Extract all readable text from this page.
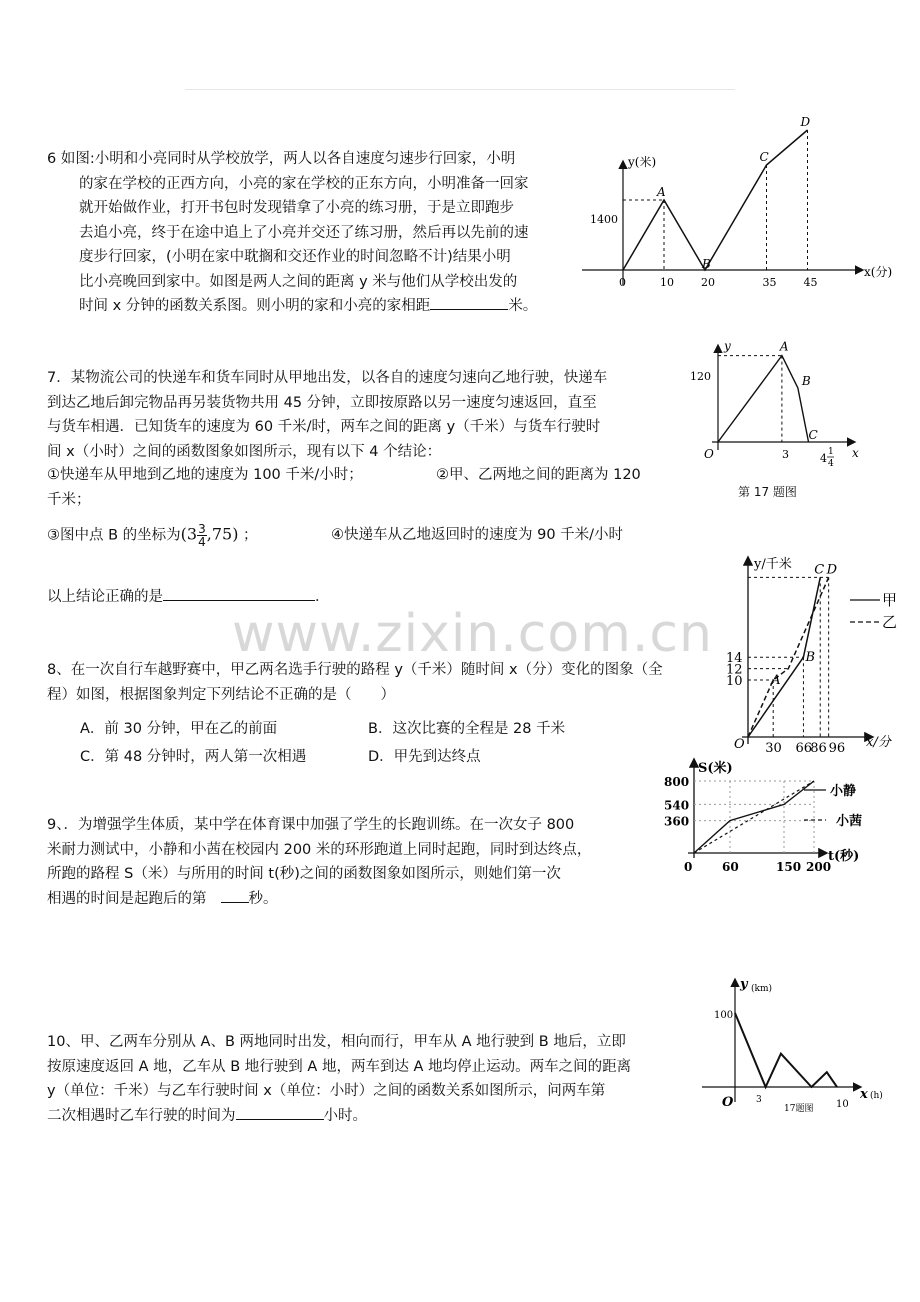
www.zixin.com.cn
6 如图:小明和小亮同时从学校放学，两人以各自速度匀速步行回家，小明
的家在学校的正西方向，小亮的家在学校的正东方向，小明准备一回家
就开始做作业，打开书包时发现错拿了小亮的练习册，于是立即跑步
去追小亮，终于在途中追上了小亮并交还了练习册，然后再以先前的速
度步行回家，(小明在家中耽搁和交还作业的时间忽略不计)结果小明
比小亮晚回到家中。如图是两人之间的距离 y 米与他们从学校出发的
时间 x 分钟的函数关系图。则小明的家和小亮的家相距	米。
0	10
A
20
B
35
C
45
D
y(米)
x(分)
1400
7．某物流公司的快递车和货车同时从甲地出发，以各自的速度匀速向乙地行驶，快递车
到达乙地后卸完物品再另装货物共用 45 分钟，立即按原路以另一速度匀速返回，直至
与货车相遇．已知货车的速度为 60 千米/时，两车之间的距离 y（千米）与货车行驶时
间 x（小时）之间的函数图象如图所示，现有以下 4 个结论：
①快递车从甲地到乙地的速度为 100 千米/小时；	②甲、乙两地之间的距离为 120
千米；
③图中点 B 的坐标为$(3 \frac{3}{4} ,75)$ ；	④快递车从乙地返回时的速度为 90 千米/小时
以上结论正确的是	．
A
B
C
y
x
O
120
3	4 1
4
第 17 题图
8、在一次自行车越野赛中，甲乙两名选手行驶的路程 y（千米）随时间 x（分）变化的图象（全
程）如图，根据图象判定下列结论不正确的是（　　）
A．前 30 分钟，甲在乙的前面	B．这次比赛的全程是 28 千米
C．第 48 分钟时，两人第一次相遇	D．甲先到达终点
10
12
14
30 66
86 96
A
B
C D
y/千米
x/分
O
甲
乙
9、．为增强学生体质，某中学在体育课中加强了学生的长跑训练。在一次女子 800
米耐力测试中，小静和小茜在校园内 200 米的环形跑道上同时起跑，同时到达终点，
所跑的路程 S（米）与所用的时间 t(秒)之间的函数图象如图所示，则她们第一次
相遇的时间是起跑后的第	秒。
360
540
800
60	150 200
S(米)
t(秒)
0
小静
小茜
10、甲、乙两车分别从 A、B 两地同时出发，相向而行，甲车从 A 地行驶到 B 地后，立即
按原速度返回 A 地，乙车从 B 地行驶到 A 地，两车到达 A 地均停止运动。两车之间的距离
y（单位：千米）与乙车行驶时间 x（单位：小时）之间的函数关系如图所示，问两车第
二次相遇时乙车行驶的时间为	小时。
y (km)
x (h)
O
100
3	10
17题图
